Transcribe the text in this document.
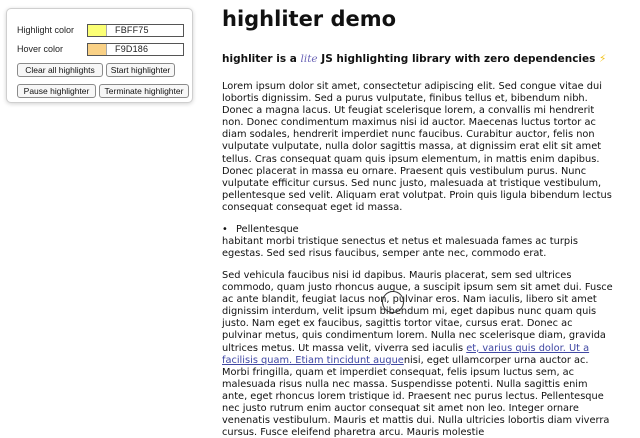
Highlight color	FBFF75
Hover color	F9D186
Clear all highlights	Start highlighter
Pause highlighter	Terminate highlighter
highliter demo
highliter is a lite JS highlighting library with zero dependencies ⚡

Lorem ipsum dolor sit amet, consectetur adipiscing elit. Sed congue vitae dui lobortis dignissim. Sed a purus vulputate, finibus tellus et, bibendum nibh. Donec a magna lacus. Ut feugiat scelerisque lorem, a convallis mi hendrerit non. Donec condimentum maximus nisi id auctor. Maecenas luctus tortor ac diam sodales, hendrerit imperdiet nunc faucibus. Curabitur auctor, felis non vulputate vulputate, nulla dolor sagittis massa, at dignissim erat elit sit amet tellus. Cras consequat quam quis ipsum elementum, in mattis enim dapibus. Donec placerat in massa eu ornare. Praesent quis vestibulum purus. Nunc vulputate efficitur cursus. Sed nunc justo, malesuada at tristique vestibulum, pellentesque sed velit. Aliquam erat volutpat. Proin quis ligula bibendum lectus consequat consequat eget id massa.

• Pellentesque

habitant morbi tristique senectus et netus et malesuada fames ac turpis egestas. Sed sed risus faucibus, semper ante nec, commodo erat.

Sed vehicula faucibus nisi id dapibus. Mauris placerat, sem sed ultrices commodo, quam justo rhoncus augue, a suscipit ipsum sem sit amet dui. Fusce ac ante blandit, feugiat lacus non, pulvinar eros. Nam iaculis, libero sit amet dignissim interdum, velit ipsum bibendum mi, eget dapibus nunc quam quis justo. Nam eget ex faucibus, sagittis tortor vitae, cursus erat. Donec ac pulvinar metus, quis condimentum lorem. Nulla nec scelerisque diam, gravida ultrices metus. Ut massa velit, viverra sed iaculis et, varius quis dolor. Ut a facilisis quam. Etiam tincidunt auguenisi, eget ullamcorper urna auctor ac. Morbi fringilla, quam et imperdiet consequat, felis ipsum luctus sem, ac malesuada risus nulla nec massa. Suspendisse potenti. Nulla sagittis enim ante, eget rhoncus lorem tristique id. Praesent nec purus lectus. Pellentesque nec justo rutrum enim auctor consequat sit amet non leo. Integer ornare venenatis vestibulum. Mauris et mattis dui. Nulla ultricies lobortis diam viverra cursus. Fusce eleifend pharetra arcu. Mauris molestie
